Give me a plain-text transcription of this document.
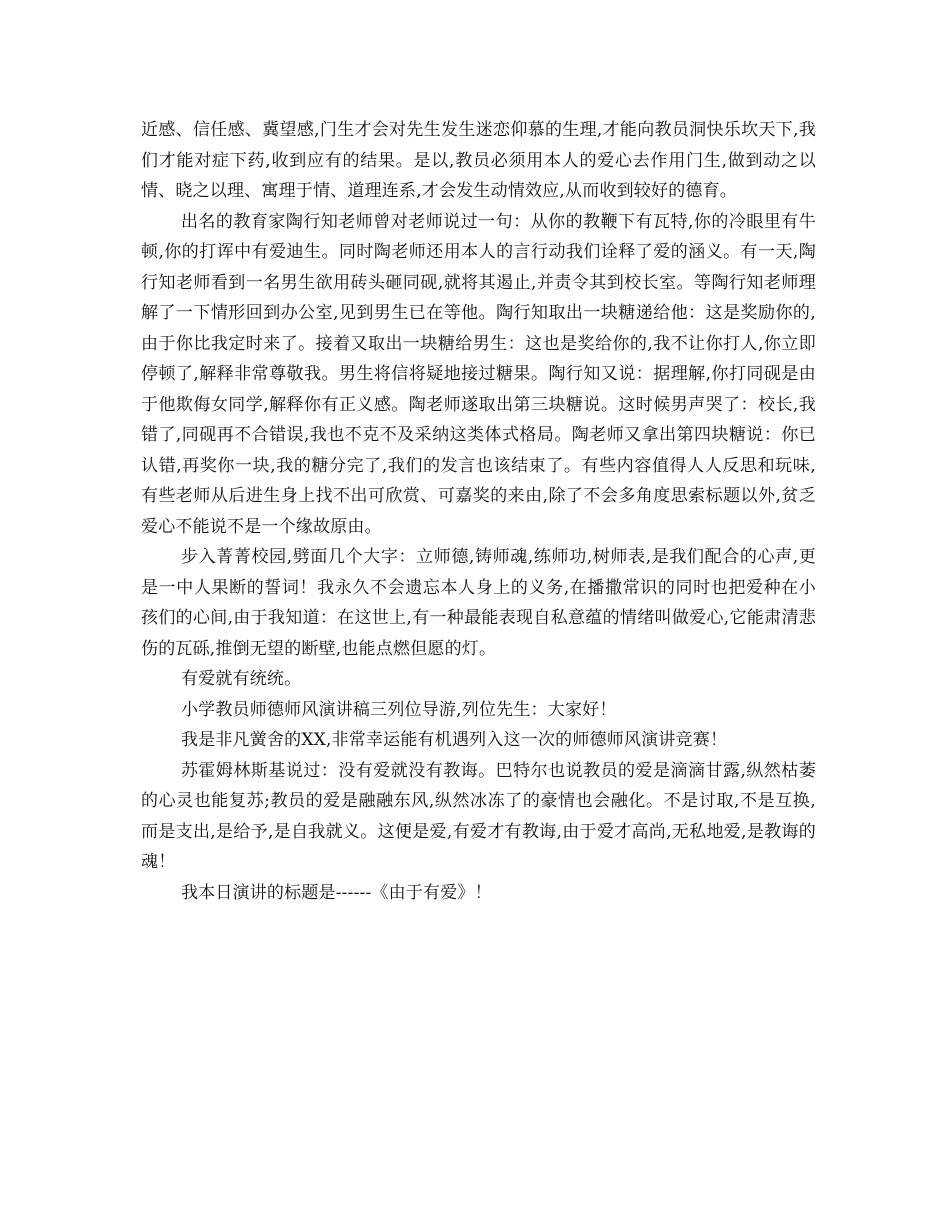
近感、信任感、冀望感,门生才会对先生发生迷恋仰慕的生理,才能向教员洞快乐坎天下,我们才能对症下药,收到应有的结果。是以,教员必须用本人的爱心去作用门生,做到动之以情、晓之以理、寓理于情、道理连系,才会发生动情效应,从而收到较好的德育。

出名的教育家陶行知老师曾对老师说过一句：从你的教鞭下有瓦特,你的冷眼里有牛顿,你的打诨中有爱迪生。同时陶老师还用本人的言行动我们诠释了爱的涵义。有一天,陶行知老师看到一名男生欲用砖头砸同砚,就将其遏止,并责令其到校长室。等陶行知老师理解了一下情形回到办公室,见到男生已在等他。陶行知取出一块糖递给他：这是奖励你的,由于你比我定时来了。接着又取出一块糖给男生：这也是奖给你的,我不让你打人,你立即停顿了,解释非常尊敬我。男生将信将疑地接过糖果。陶行知又说：据理解,你打同砚是由于他欺侮女同学,解释你有正义感。陶老师遂取出第三块糖说。这时候男声哭了：校长,我错了,同砚再不合错误,我也不克不及采纳这类体式格局。陶老师又拿出第四块糖说：你已认错,再奖你一块,我的糖分完了,我们的发言也该结束了。有些内容值得人人反思和玩味,有些老师从后进生身上找不出可欣赏、可嘉奖的来由,除了不会多角度思索标题以外,贫乏爱心不能说不是一个缘故原由。

步入菁菁校园,劈面几个大字：立师德,铸师魂,练师功,树师表,是我们配合的心声,更是一中人果断的誓词！我永久不会遗忘本人身上的义务,在播撒常识的同时也把爱种在小孩们的心间,由于我知道：在这世上,有一种最能表现自私意蕴的情绪叫做爱心,它能肃清悲伤的瓦砾,推倒无望的断壁,也能点燃但愿的灯。

有爱就有统统。

小学教员师德师风演讲稿三列位导游,列位先生：大家好！

我是非凡黉舍的XX,非常幸运能有机遇列入这一次的师德师风演讲竞赛！

苏霍姆林斯基说过：没有爱就没有教诲。巴特尔也说教员的爱是滴滴甘露,纵然枯萎的心灵也能复苏;教员的爱是融融东风,纵然冰冻了的豪情也会融化。不是讨取,不是互换,而是支出,是给予,是自我就义。这便是爱,有爱才有教诲,由于爱才高尚,无私地爱,是教诲的魂！

我本日演讲的标题是------《由于有爱》！
